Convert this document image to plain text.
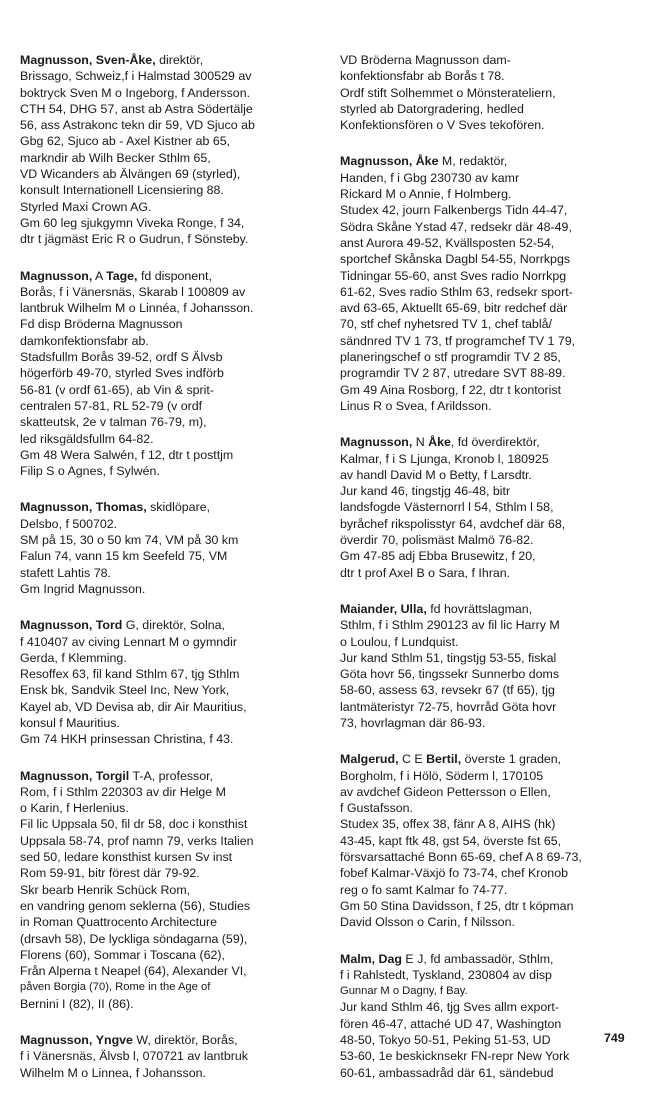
Magnusson, Sven-Åke, direktör,
Brissago, Schweiz,f i Halmstad 300529 av
boktryck Sven M o Ingeborg, f Andersson.
CTH 54, DHG 57, anst ab Astra Södertälje
56, ass Astrakonc tekn dir 59, VD Sjuco ab
Gbg 62, Sjuco ab - Axel Kistner ab 65,
markndir ab Wilh Becker Sthlm 65,
VD Wicanders ab Älvängen 69 (styrled),
konsult Internationell Licensiering 88.
Styrled Maxi Crown AG.
Gm 60 leg sjukgymn Viveka Ronge, f 34,
dtr t jägmäst Eric R o Gudrun, f Sönsteby.
Magnusson, A Tage, fd disponent,
Borås, f i Vänersnäs, Skarab l 100809 av
lantbruk Wilhelm M o Linnéa, f Johansson.
Fd disp Bröderna Magnusson
damkonfektionsfabr ab.
Stadsfullm Borås 39-52, ordf S Älvsb
högerförb 49-70, styrled Sves indförb
56-81 (v ordf 61-65), ab Vin & sprit-
centralen 57-81, RL 52-79 (v ordf
skatteutsk, 2e v talman 76-79, m),
led riksgäldsfullm 64-82.
Gm 48 Wera Salwén, f 12, dtr t posttjm
Filip S o Agnes, f Sylwén.
Magnusson, Thomas, skidlöpare,
Delsbo, f 500702.
SM på 15, 30 o 50 km 74, VM på 30 km
Falun 74, vann 15 km Seefeld 75, VM
stafett Lahtis 78.
Gm Ingrid Magnusson.
Magnusson, Tord G, direktör, Solna,
f 410407 av civing Lennart M o gymndir
Gerda, f Klemming.
Resoffex 63, fil kand Sthlm 67, tjg Sthlm
Ensk bk, Sandvik Steel Inc, New York,
Kayel ab, VD Devisa ab, dir Air Mauritius,
konsul f Mauritius.
Gm 74 HKH prinsessan Christina, f 43.
Magnusson, Torgil T-A, professor,
Rom, f i Sthlm 220303 av dir Helge M
o Karin, f Herlenius.
Fil lic Uppsala 50, fil dr 58, doc i konsthist
Uppsala 58-74, prof namn 79, verks Italien
sed 50, ledare konsthist kursen Sv inst
Rom 59-91, bitr förest där 79-92.
Skr bearb Henrik Schück Rom,
en vandring genom seklerna (56), Studies
in Roman Quattrocento Architecture
(drsavh 58), De lyckliga söndagarna (59),
Florens (60), Sommar i Toscana (62),
Från Alperna t Neapel (64), Alexander VI,
påven Borgia (70), Rome in the Age of
Bernini I (82), II (86).
Magnusson, Yngve W, direktör, Borås,
f i Vänersnäs, Älvsb l, 070721 av lantbruk
Wilhelm M o Linnea, f Johansson.
VD Bröderna Magnusson dam-
konfektionsfabr ab Borås t 78.
Ordf stift Solhemmet o Mönsterateliern,
styrled ab Datorgradering, hedled
Konfektionsfören o V Sves tekofören.
Magnusson, Åke M, redaktör,
Handen, f i Gbg 230730 av kamr
Rickard M o Annie, f Holmberg.
Studex 42, journ Falkenbergs Tidn 44-47,
Södra Skåne Ystad 47, redsekr där 48-49,
anst Aurora 49-52, Kvällsposten 52-54,
sportchef Skånska Dagbl 54-55, Norrkpgs
Tidningar 55-60, anst Sves radio Norrkpg
61-62, Sves radio Sthlm 63, redsekr sport-
avd 63-65, Aktuellt 65-69, bitr redchef där
70, stf chef nyhetsred TV 1, chef tablå/
sändnred TV 1 73, tf programchef TV 1 79,
planeringschef o stf programdir TV 2 85,
programdir TV 2 87, utredare SVT 88-89.
Gm 49 Aina Rosborg, f 22, dtr t kontorist
Linus R o Svea, f Arildsson.
Magnusson, N Åke, fd överdirektör,
Kalmar, f i S Ljunga, Kronob l, 180925
av handl David M o Betty, f Larsdtr.
Jur kand 46, tingstjg 46-48, bitr
landsfogde Västernorrl l 54, Sthlm l 58,
byråchef rikspolisstyr 64, avdchef där 68,
överdir 70, polismäst Malmö 76-82.
Gm 47-85 adj Ebba Brusewitz, f 20,
dtr t prof Axel B o Sara, f Ihran.
Maiander, Ulla, fd hovrättslagman,
Sthlm, f i Sthlm 290123 av fil lic Harry M
o Loulou, f Lundquist.
Jur kand Sthlm 51, tingstjg 53-55, fiskal
Göta hovr 56, tingssekr Sunnerbo doms
58-60, assess 63, revsekr 67 (tf 65), tjg
lantmäteristyr 72-75, hovrråd Göta hovr
73, hovrlagman där 86-93.
Malgerud, C E Bertil, överste 1 graden,
Borgholm, f i Hölö, Söderm l, 170105
av avdchef Gideon Pettersson o Ellen,
f Gustafsson.
Studex 35, offex 38, fänr A 8, AIHS (hk)
43-45, kapt ftk 48, gst 54, överste fst 65,
försvarsattaché Bonn 65-69, chef A 8 69-73,
fobef Kalmar-Växjö fo 73-74, chef Kronob
reg o fo samt Kalmar fo 74-77.
Gm 50 Stina Davidsson, f 25, dtr t köpman
David Olsson o Carin, f Nilsson.
Malm, Dag E J, fd ambassadör, Sthlm,
f i Rahlstedt, Tyskland, 230804 av disp
Gunnar M o Dagny, f Bay.
Jur kand Sthlm 46, tjg Sves allm export-
fören 46-47, attaché UD 47, Washington
48-50, Tokyo 50-51, Peking 51-53, UD
53-60, 1e beskicknsekr FN-repr New York
60-61, ambassadråd där 61, sändebud
749
